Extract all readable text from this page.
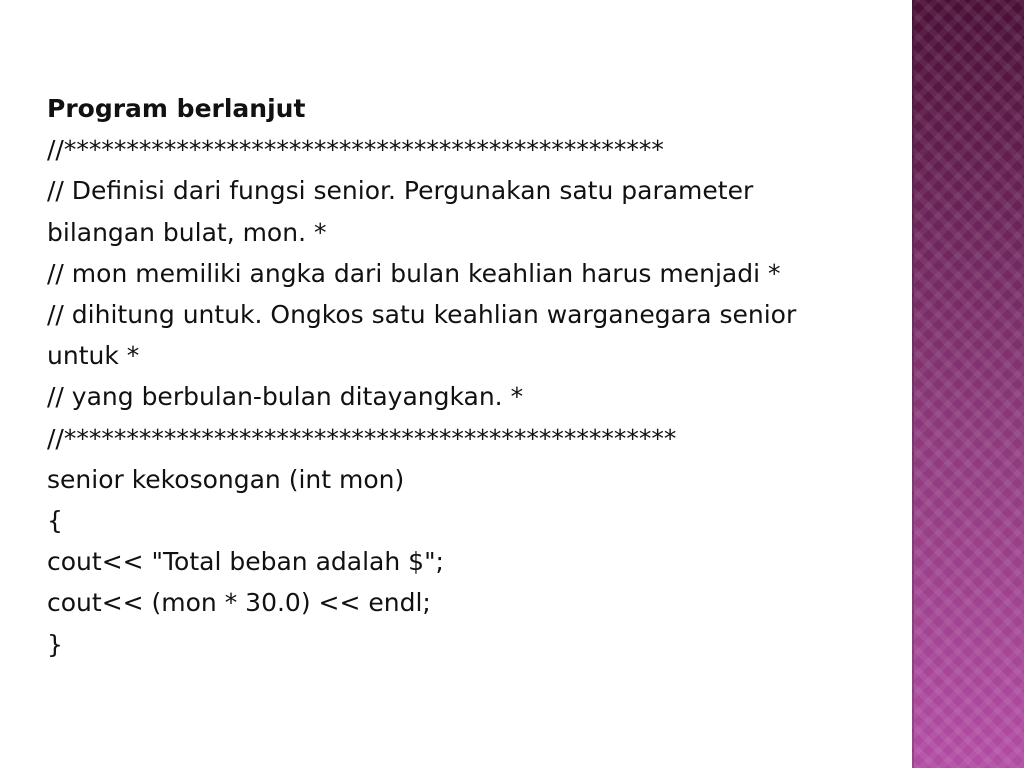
Program berlanjut
//************************************************
// Definisi dari fungsi senior. Pergunakan satu parameter
bilangan bulat, mon. *
// mon memiliki angka dari bulan keahlian harus menjadi *
// dihitung untuk. Ongkos satu keahlian warganegara senior
untuk *
// yang berbulan-bulan ditayangkan. *
//*************************************************
senior kekosongan (int mon)
{
cout<< "Total beban adalah $";
cout<< (mon * 30.0) << endl;
}
